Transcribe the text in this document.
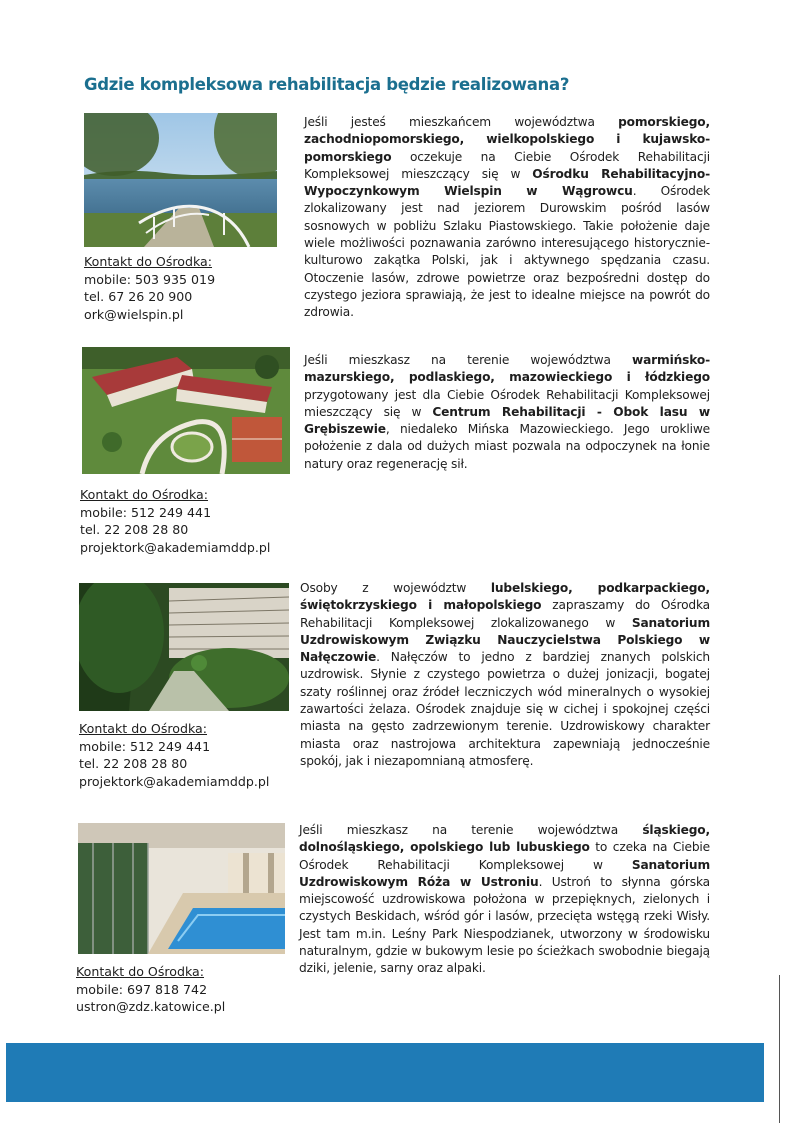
Gdzie kompleksowa rehabilitacja będzie realizowana?
Kontakt do Ośrodka:
mobile: 503 935 019
tel. 67 26 20 900
ork@wielspin.pl

Jeśli jesteś mieszkańcem województwa pomorskiego, zachodniopomorskiego, wielkopolskiego i kujawsko-pomorskiego oczekuje na Ciebie Ośrodek Rehabilitacji Kompleksowej mieszczący się w Ośrodku Rehabilitacyjno-Wypoczynkowym Wielspin w Wągrowcu. Ośrodek zlokalizowany jest nad jeziorem Durowskim pośród lasów sosnowych w pobliżu Szlaku Piastowskiego. Takie położenie daje wiele możliwości poznawania zarówno interesującego historycznie-kulturowo zakątka Polski, jak i aktywnego spędzania czasu. Otoczenie lasów, zdrowe powietrze oraz bezpośredni dostęp do czystego jeziora sprawiają, że jest to idealne miejsce na powrót do zdrowia.

Kontakt do Ośrodka:
mobile: 512 249 441
tel. 22 208 28 80
projektork@akademiamddp.pl

Jeśli mieszkasz na terenie województwa warmińsko-mazurskiego, podlaskiego, mazowieckiego i łódzkiego przygotowany jest dla Ciebie Ośrodek Rehabilitacji Kompleksowej mieszczący się w Centrum Rehabilitacji - Obok lasu w Grębiszewie, niedaleko Mińska Mazowieckiego. Jego urokliwe położenie z dala od dużych miast pozwala na odpoczynek na łonie natury oraz regenerację sił.

Kontakt do Ośrodka:
mobile: 512 249 441
tel. 22 208 28 80
projektork@akademiamddp.pl

Osoby z województw lubelskiego, podkarpackiego, świętokrzyskiego i małopolskiego zapraszamy do Ośrodka Rehabilitacji Kompleksowej zlokalizowanego w Sanatorium Uzdrowiskowym Związku Nauczycielstwa Polskiego w Nałęczowie. Nałęczów to jedno z bardziej znanych polskich uzdrowisk. Słynie z czystego powietrza o dużej jonizacji, bogatej szaty roślinnej oraz źródeł leczniczych wód mineralnych o wysokiej zawartości żelaza. Ośrodek znajduje się w cichej i spokojnej części miasta na gęsto zadrzewionym terenie. Uzdrowiskowy charakter miasta oraz nastrojowa architektura zapewniają jednocześnie spokój, jak i niezapomnianą atmosferę.

Kontakt do Ośrodka:
mobile: 697 818 742
ustron@zdz.katowice.pl

Jeśli mieszkasz na terenie województwa śląskiego, dolnośląskiego, opolskiego lub lubuskiego to czeka na Ciebie Ośrodek Rehabilitacji Kompleksowej w Sanatorium Uzdrowiskowym Róża w Ustroniu. Ustroń to słynna górska miejscowość uzdrowiskowa położona w przepięknych, zielonych i czystych Beskidach, wśród gór i lasów, przecięta wstęgą rzeki Wisły. Jest tam m.in. Leśny Park Niespodzianek, utworzony w środowisku naturalnym, gdzie w bukowym lesie po ścieżkach swobodnie biegają dziki, jelenie, sarny oraz alpaki.
